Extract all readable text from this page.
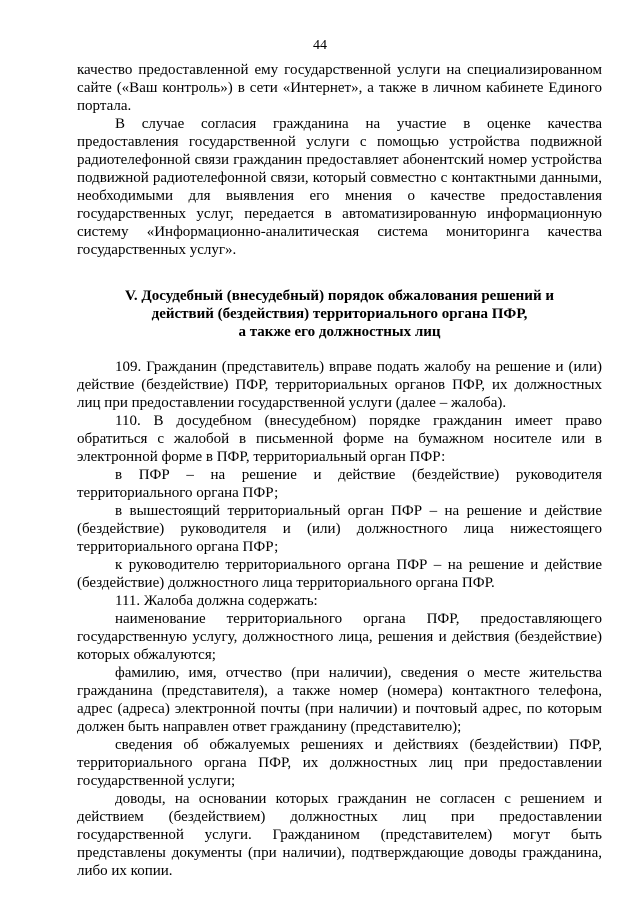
44

качество предоставленной ему государственной услуги на специализированном сайте («Ваш контроль») в сети «Интернет», а также в личном кабинете Единого портала.

В случае согласия гражданина на участие в оценке качества предоставления государственной услуги с помощью устройства подвижной радиотелефонной связи гражданин предоставляет абонентский номер устройства подвижной радиотелефонной связи, который совместно с контактными данными, необходимыми для выявления его мнения о качестве предоставления государственных услуг, передается в автоматизированную информационную систему «Информационно-аналитическая система мониторинга качества государственных услуг».

V. Досудебный (внесудебный) порядок обжалования решений и
действий (бездействия) территориального органа ПФР,
а также его должностных лиц

109. Гражданин (представитель) вправе подать жалобу на решение и (или) действие (бездействие) ПФР, территориальных органов ПФР, их должностных лиц при предоставлении государственной услуги (далее – жалоба).

110. В досудебном (внесудебном) порядке гражданин имеет право обратиться с жалобой в письменной форме на бумажном носителе или в электронной форме в ПФР, территориальный орган ПФР:

в ПФР – на решение и действие (бездействие) руководителя территориального органа ПФР;

в вышестоящий территориальный орган ПФР – на решение и действие (бездействие) руководителя и (или) должностного лица нижестоящего территориального органа ПФР;

к руководителю территориального органа ПФР – на решение и действие (бездействие) должностного лица территориального органа ПФР.

111. Жалоба должна содержать:

наименование территориального органа ПФР, предоставляющего государственную услугу, должностного лица, решения и действия (бездействие) которых обжалуются;

фамилию, имя, отчество (при наличии), сведения о месте жительства гражданина (представителя), а также номер (номера) контактного телефона, адрес (адреса) электронной почты (при наличии) и почтовый адрес, по которым должен быть направлен ответ гражданину (представителю);

сведения об обжалуемых решениях и действиях (бездействии) ПФР, территориального органа ПФР, их должностных лиц при предоставлении государственной услуги;

доводы, на основании которых гражданин не согласен с решением и действием (бездействием) должностных лиц при предоставлении государственной услуги. Гражданином (представителем) могут быть представлены документы (при наличии), подтверждающие доводы гражданина, либо их копии.
